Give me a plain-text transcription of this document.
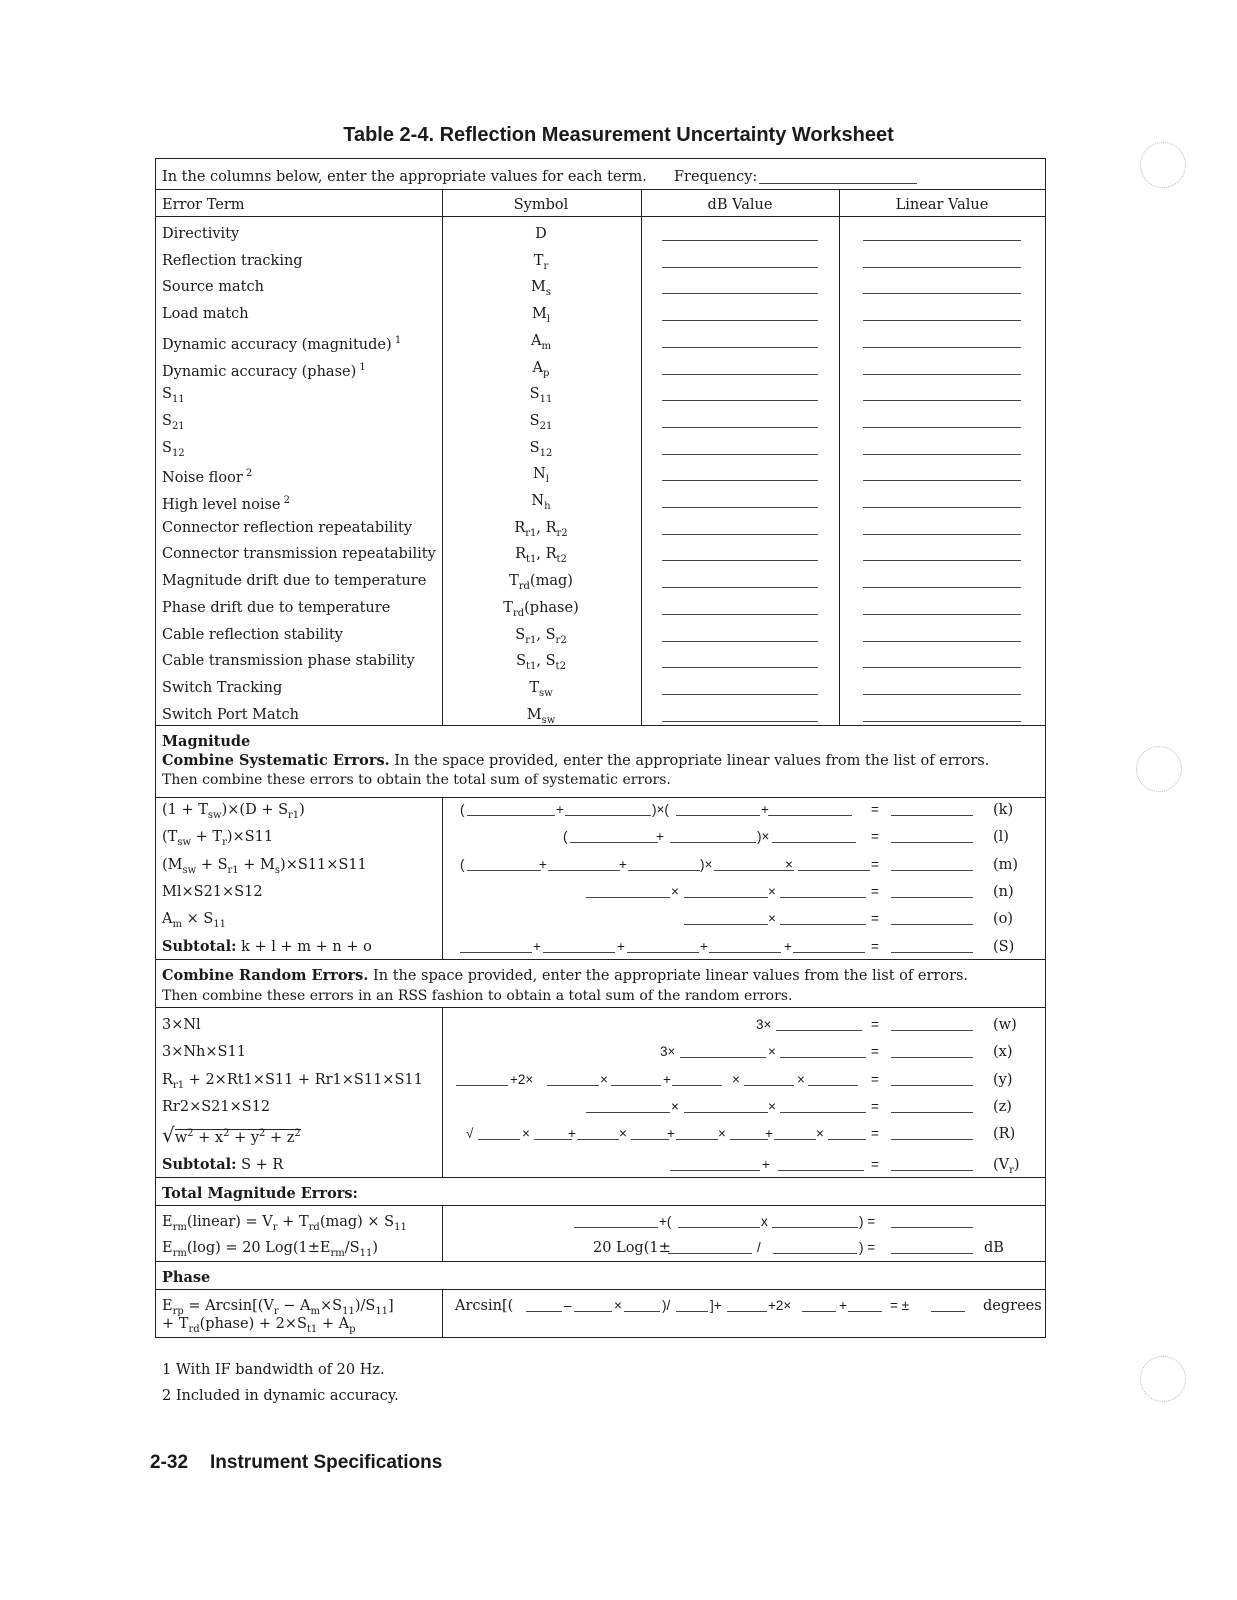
Table 2-4. Reflection Measurement Uncertainty Worksheet
In the columns below, enter the appropriate values for each term. Frequency:
Error Term	Symbol	dB Value	Linear Value
Directivity	D
Reflection tracking	$T_r$
Source match	$M_s$
Load match	$M_l$
Dynamic accuracy (magnitude) $^1$	$A_m$
Dynamic accuracy (phase) $^1$	$A_p$
$S_{11}$	$S_{11}$
$S_{21}$	$S_{21}$
$S_{12}$	$S_{12}$
Noise floor $^2$	$N_l$
High level noise $^2$	$N_h$
Connector reflection repeatability	$R_{r1}$, $R_{r2}$
Connector transmission repeatability	$R_{t1}$, $R_{t2}$
Magnitude drift due to temperature	$T_{rd}(mag)$
Phase drift due to temperature	$T_{rd}(phase)$
Cable reflection stability	$S_{r1}$, $S_{r2}$
Cable transmission phase stability	$S_{t1}$, $S_{t2}$
Switch Tracking	$T_{sw}$
Switch Port Match	$M_{sw}$
Magnitude
Combine Systematic Errors. In the space provided, enter the appropriate linear values from the list of errors.
Then combine these errors to obtain the total sum of systematic errors.
$(1 + T_{sw})\times(D + S_{r1})$	(	+	)×(	+	=	(k)
$(T_{sw} + T_r)\times S11$	(	+	)×	=	(l)
$(M_{sw} + S_{r1} + M_s)\times S11\times S11$	(	+	+	)×	×	=	(m)
Ml×S21×S12	×	×	=	(n)
$A_m \times S_{11}$	×	=	(o)
Subtotal: k + l + m + n + o	+	+	+	+	=	(S)
Combine Random Errors. In the space provided, enter the appropriate linear values from the list of errors.
Then combine these errors in an RSS fashion to obtain a total sum of the random errors.
3×Nl	3×	=	(w)
3×Nh×S11	3×	×	=	(x)
$R_{r1} + 2\times Rt1\times S11 + Rr1\times S11\times S11$	+2×	×	+	×	×	=	(y)
Rr2×S21×S12	×	×	=	(z)
$√w^2 + x^2 + y^2 + z^2$	√	×	+	×	+	×	+	×	=	(R)
Subtotal: S + R	+	=	$(V_r)$
Total Magnitude Errors:
$E_{rm}(linear) = V_r + T_{rd}(mag) \times S_{11}$
$E_{rm}(\log) = 20$ $Log(1\pm E_{rm}/S_{11})$
+(	x	) =
20 Log(1±	/	) =	dB
Phase
$E_{rp} = Arcsin[(V_r - A_m\times S_{11})/S_{11}]$
+ $T_{rd}(phase) + 2\times S_{t1} + A_p$
Arcsin[(	–	×	)/	]+	+2×	+	= ±	degrees
1 With IF bandwidth of 20 Hz.
2 Included in dynamic accuracy.
2-32 Instrument Specifications
